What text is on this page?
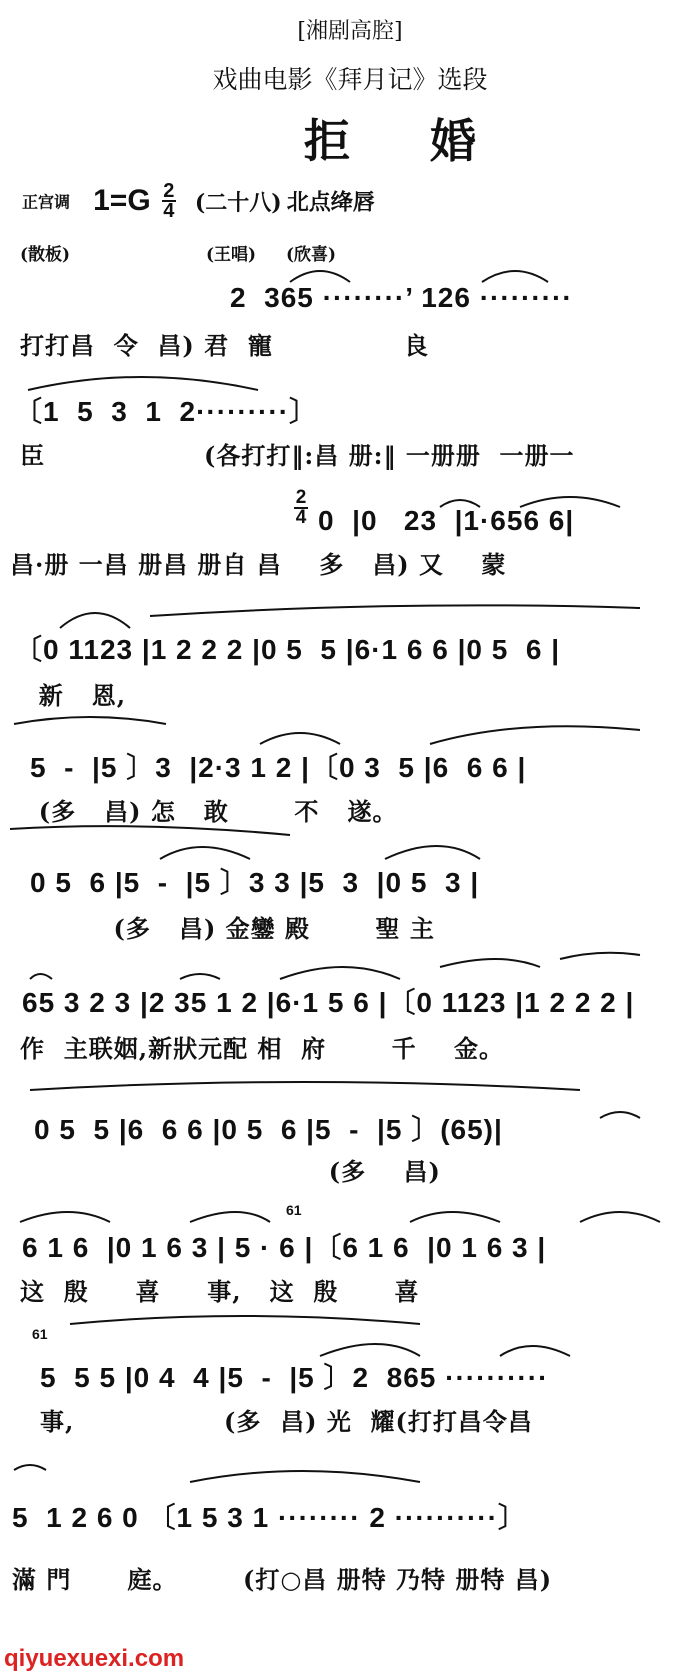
[湘剧高腔]
戏曲电影《拜月记》选段
拒婚
正宫调 $1=G \frac{2}{4}$ (二十八) 北点绛唇
(散板)	(王唱) (欣喜)
2  365 ········’ 126 ·········
打打昌  令  昌) 君  寵              良
〔1  5  3  1  2·········〕
臣                 (各打打‖:昌 册:‖ 一册册  一册一
2
4 0  |0   23  |1·656 6|
昌·册 一昌 册昌 册自 昌    多   昌) 又    蒙
〔0 1123 |1 2 2 2 |0 5  5 |6·1 6 6 |0 5  6 |
新   恩,
5  -  |5 〕3  |2·3 1 2 |〔0 3  5 |6  6 6 |
(多   昌) 怎   敢       不   遂。
0 5  6 |5  -  |5 〕3 3 |5  3  |0 5  3 |
(多   昌) 金鑾 殿       聖 主
65 3 2 3 |2 35 1 2 |6·1 5 6 |〔0 1123 |1 2 2 2 |
作  主联姻,新狀元配 相  府       千    金。
0 5  5 |6  6 6 |0 5  6 |5  -  |5 〕(65)|
(多    昌)
61
6 1 6  |0 1 6 3 | 5 · 6 |〔6 1 6  |0 1 6 3 |
这  殷     喜     事,   这  殷      喜
61
5  5 5 |0 4  4 |5  -  |5 〕2  865 ··········
事,                (多  昌) 光  耀(打打昌令昌
5  1 2 6 0 〔1 5 3 1 ········ 2 ··········〕
滿 門      庭。       (打○昌 册特 乃特 册特 昌)
qiyuexuexi.com
